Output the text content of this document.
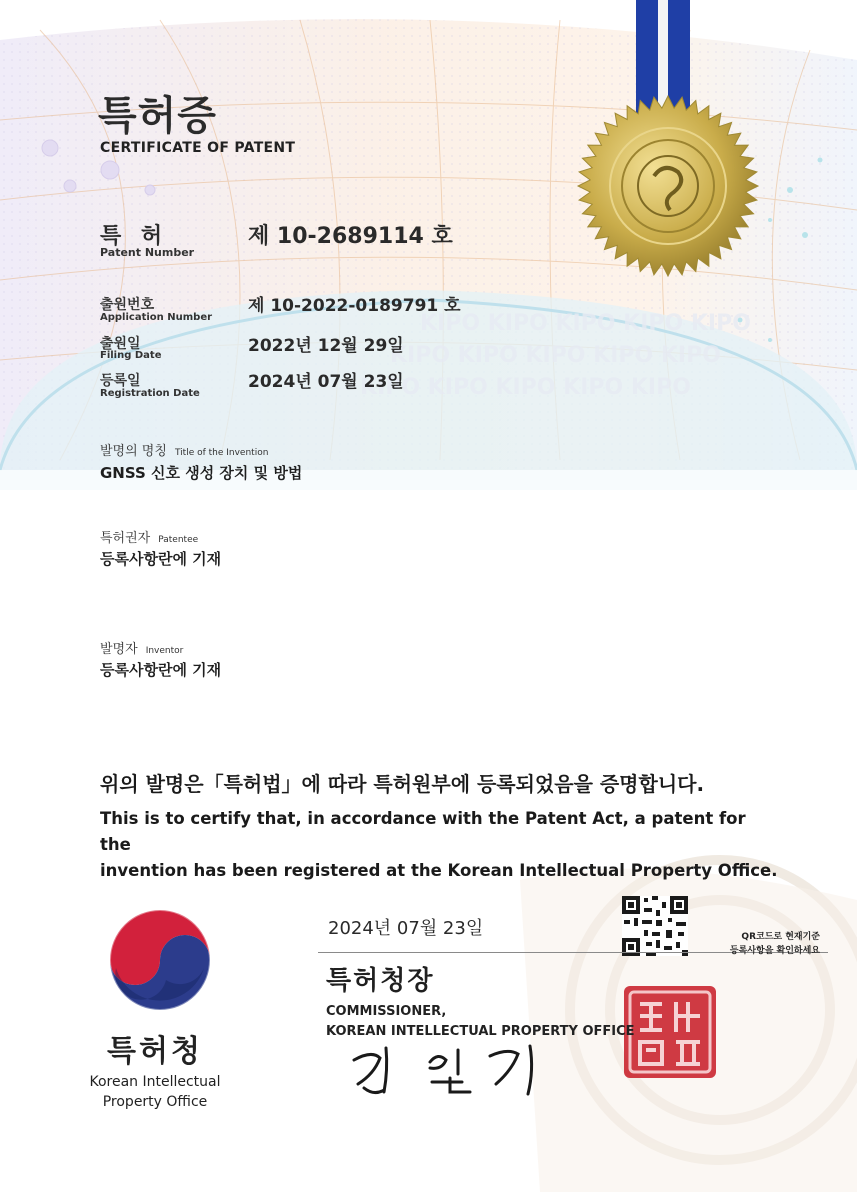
KIPO KIPO KIPO KIPO KIPO
KIPO KIPO KIPO KIPO KIPO
KIPO KIPO KIPO KIPO KIPO
특허증
CERTIFICATE OF PATENT
특 허
Patent Number
제 10-2689114 호
출원번호
Application Number
제 10-2022-0189791 호
출원일
Filing Date	2022년 12월 29일
등록일
Registration Date
2024년 07월 23일
발명의 명칭 Title of the Invention
GNSS 신호 생성 장치 및 방법
특허권자 Patentee
등록사항란에 기재
발명자 Inventor
등록사항란에 기재
위의 발명은「특허법」에 따라 특허원부에 등록되었음을 증명합니다.
This is to certify that, in accordance with the Patent Act, a patent for the
invention has been registered at the Korean Intellectual Property Office.
2024년 07월 23일
특허청장
COMMISSIONER,
KOREAN INTELLECTUAL PROPERTY OFFICE
QR코드로 현재기준
등록사항을 확인하세요
특허청
Korean Intellectual
Property Office
